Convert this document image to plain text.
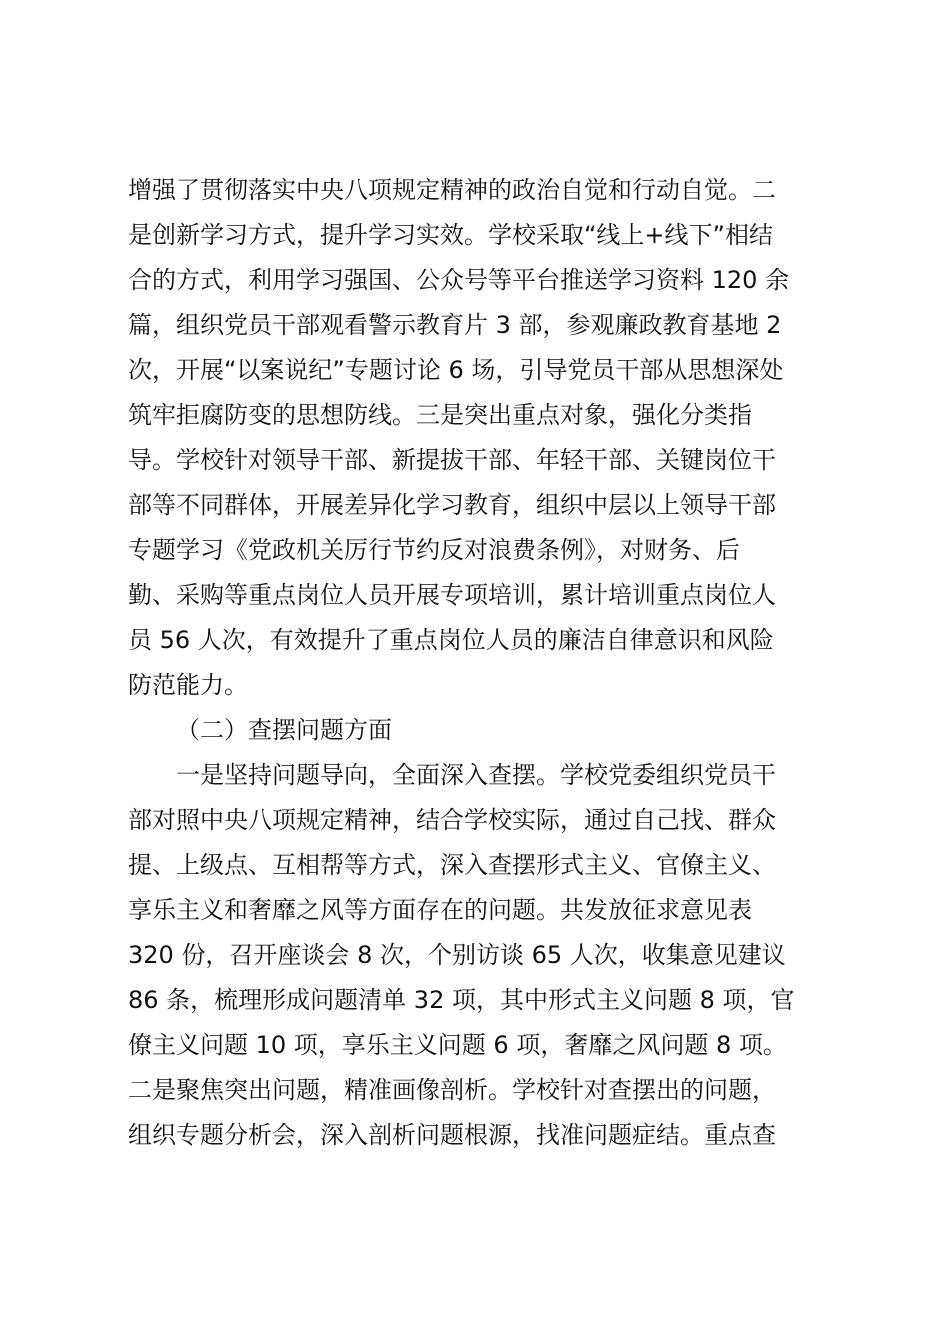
增强了贯彻落实中央八项规定精神的政治自觉和行动自觉。二
是创新学习方式，提升学习实效。学校采取“线上+线下”相结
合的方式，利用学习强国、公众号等平台推送学习资料 120 余
篇，组织党员干部观看警示教育片 3 部，参观廉政教育基地 2
次，开展“以案说纪”专题讨论 6 场，引导党员干部从思想深处
筑牢拒腐防变的思想防线。三是突出重点对象，强化分类指
导。学校针对领导干部、新提拔干部、年轻干部、关键岗位干
部等不同群体，开展差异化学习教育，组织中层以上领导干部
专题学习《党政机关厉行节约反对浪费条例》，对财务、后
勤、采购等重点岗位人员开展专项培训，累计培训重点岗位人
员 56 人次，有效提升了重点岗位人员的廉洁自律意识和风险
防范能力。
（二）查摆问题方面
一是坚持问题导向，全面深入查摆。学校党委组织党员干
部对照中央八项规定精神，结合学校实际，通过自己找、群众
提、上级点、互相帮等方式，深入查摆形式主义、官僚主义、
享乐主义和奢靡之风等方面存在的问题。共发放征求意见表
320 份，召开座谈会 8 次，个别访谈 65 人次，收集意见建议
86 条，梳理形成问题清单 32 项，其中形式主义问题 8 项，官
僚主义问题 10 项，享乐主义问题 6 项，奢靡之风问题 8 项。
二是聚焦突出问题，精准画像剖析。学校针对查摆出的问题，
组织专题分析会，深入剖析问题根源，找准问题症结。重点查
